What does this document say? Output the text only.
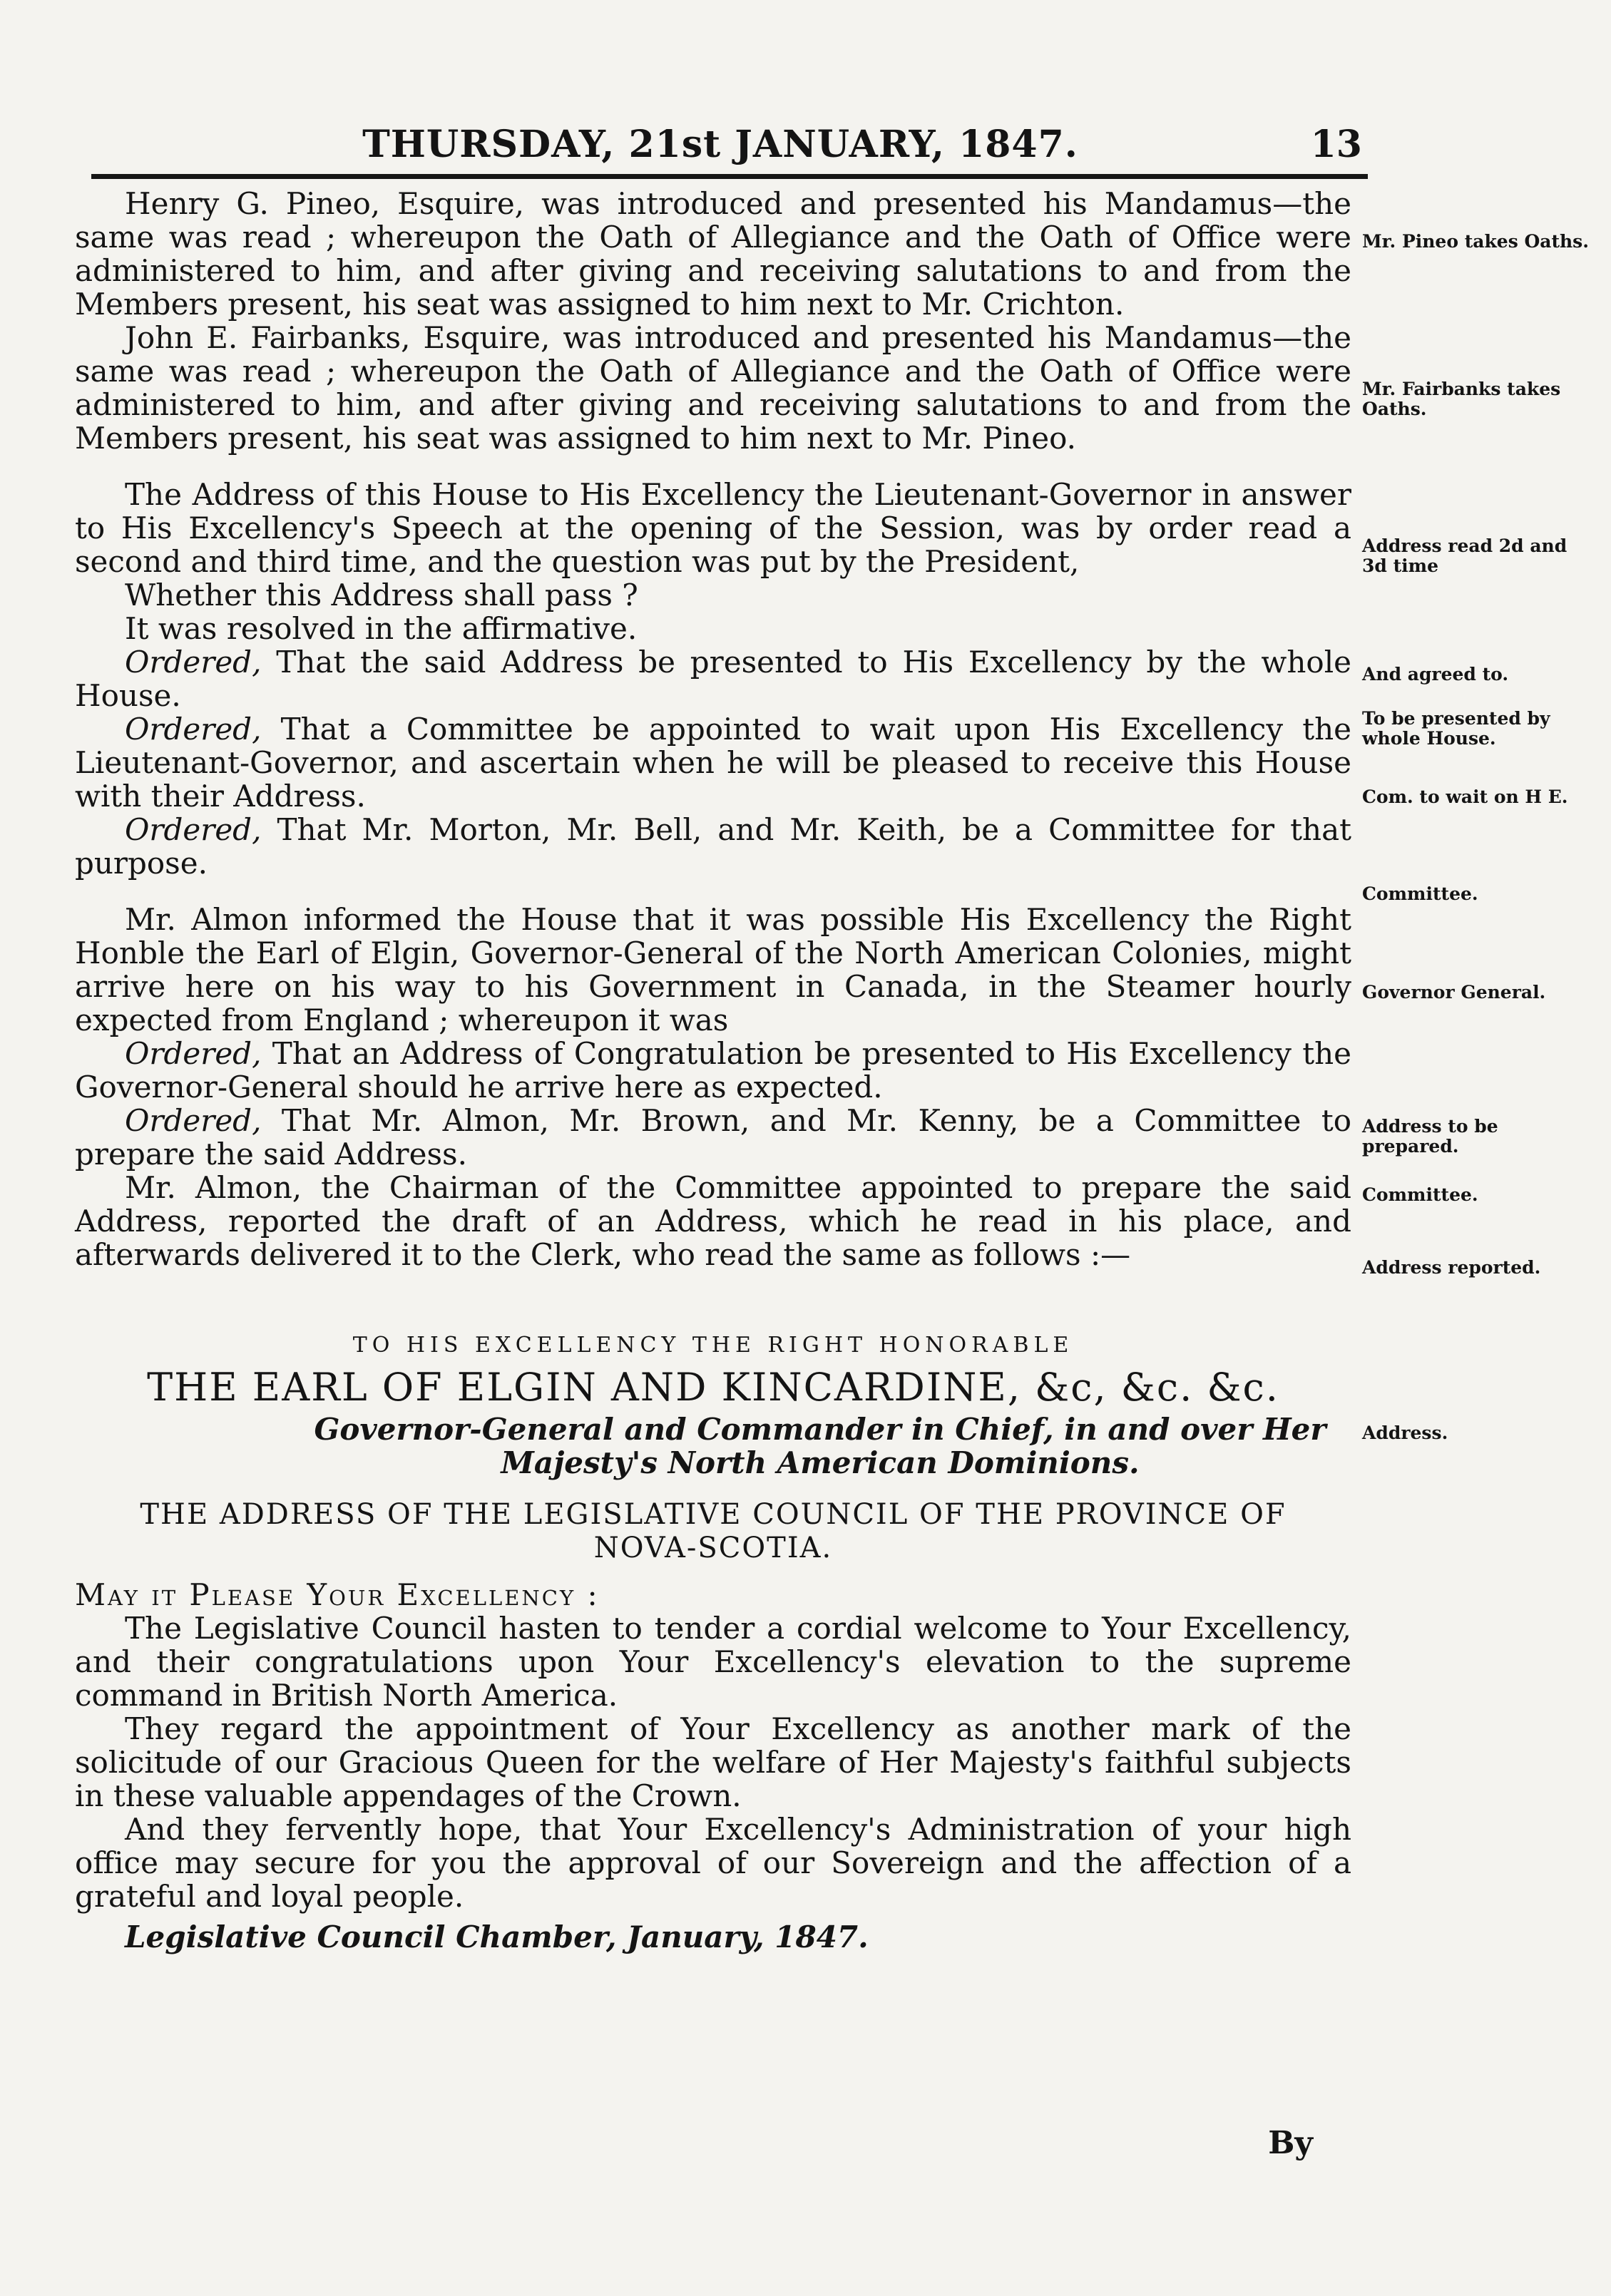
THURSDAY, 21st JANUARY, 1847.	13

Henry G. Pineo, Esquire, was introduced and presented his Mandamus—the same was read ; whereupon the Oath of Allegiance and the Oath of Office were administered to him, and after giving and receiving salutations to and from the Members present, his seat was assigned to him next to Mr. Crichton.

John E. Fairbanks, Esquire, was introduced and presented his Mandamus—the same was read ; whereupon the Oath of Allegiance and the Oath of Office were administered to him, and after giving and receiving salutations to and from the Members present, his seat was assigned to him next to Mr. Pineo.

The Address of this House to His Excellency the Lieutenant-Governor in answer to His Excellency's Speech at the opening of the Session, was by order read a second and third time, and the question was put by the President,

Whether this Address shall pass ?

It was resolved in the affirmative.

Ordered, That the said Address be presented to His Excellency by the whole House.

Ordered, That a Committee be appointed to wait upon His Excellency the Lieutenant-Governor, and ascertain when he will be pleased to receive this House with their Address.

Ordered, That Mr. Morton, Mr. Bell, and Mr. Keith, be a Committee for that purpose.

Mr. Almon informed the House that it was possible His Excellency the Right Honble the Earl of Elgin, Governor-General of the North American Colonies, might arrive here on his way to his Government in Canada, in the Steamer hourly expected from England ; whereupon it was

Ordered, That an Address of Congratulation be presented to His Excellency the Governor-General should he arrive here as expected.

Ordered, That Mr. Almon, Mr. Brown, and Mr. Kenny, be a Committee to prepare the said Address.

Mr. Almon, the Chairman of the Committee appointed to prepare the said Address, reported the draft of an Address, which he read in his place, and afterwards delivered it to the Clerk, who read the same as follows :—

TO HIS EXCELLENCY THE RIGHT HONORABLE

THE EARL OF ELGIN AND KINCARDINE, &c, &c. &c.

Governor-General and Commander in Chief, in and over Her Majesty's North American Dominions.

THE ADDRESS OF THE LEGISLATIVE COUNCIL OF THE PROVINCE OF NOVA-SCOTIA.

May it Please Your Excellency :

The Legislative Council hasten to tender a cordial welcome to Your Excellency, and their congratulations upon Your Excellency's elevation to the supreme command in British North America.

They regard the appointment of Your Excellency as another mark of the solicitude of our Gracious Queen for the welfare of Her Majesty's faithful subjects in these valuable appendages of the Crown.

And they fervently hope, that Your Excellency's Administration of your high office may secure for you the approval of our Sovereign and the affection of a grateful and loyal people.

Legislative Council Chamber, January, 1847.

By
Mr. Pineo takes Oaths.
Mr. Fairbanks takes Oaths.
Address read 2d and 3d time
And agreed to.
To be presented by whole House.
Com. to wait on H E.
Committee.
Governor General.
Address to be prepared.
Committee.
Address reported.
Address.
